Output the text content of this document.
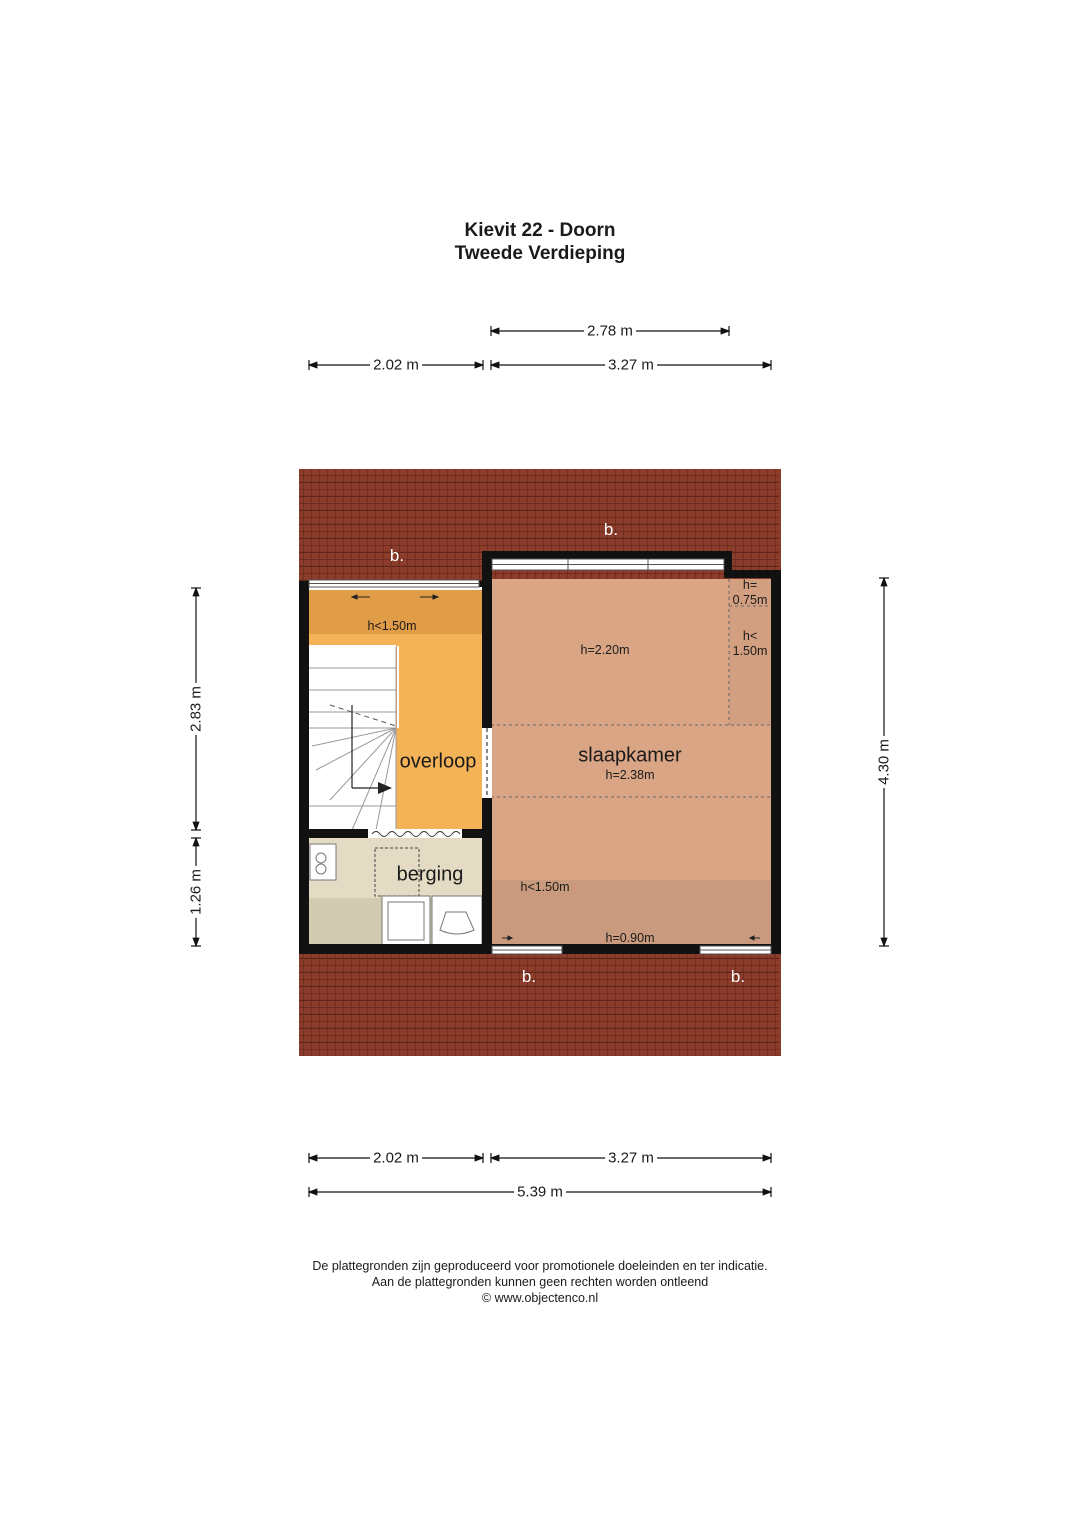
Kievit 22 - Doorn
Tweede Verdieping
2.78 m
2.02 m	3.27 m
2.02 m	3.27 m
5.39 m
2.83 m
1.26 m
4.30 m
overloop	slaapkamer
berging
h<1.50m
h=2.20m
h=2.38m
h<1.50m
h=0.90m
h=
0.75m
h<
1.50m
b.
b.
b.	b.
De plattegronden zijn geproduceerd voor promotionele doeleinden en ter indicatie.
Aan de plattegronden kunnen geen rechten worden ontleend
© www.objectenco.nl
